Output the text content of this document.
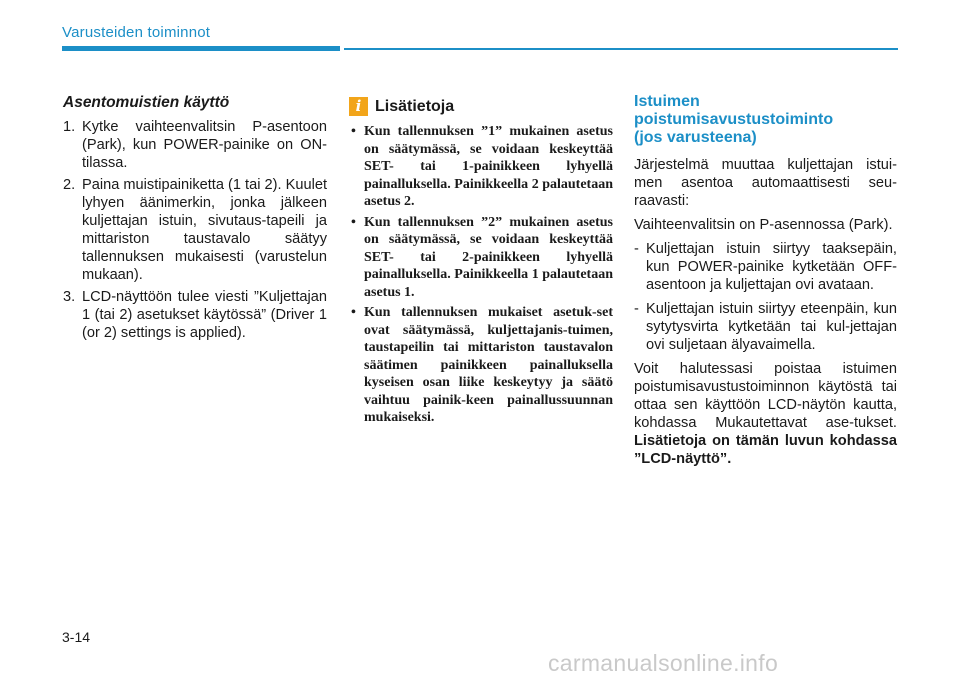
Varusteiden toiminnot
Asentomuistien käyttö
1. Kytke vaihteenvalitsin P-asentoon (Park), kun POWER-painike on ON-tilassa.
2. Paina muistipainiketta (1 tai 2). Kuulet lyhyen äänimerkin, jonka jälkeen kuljettajan istuin, sivutaus-tapeili ja mittariston taustavalo säätyy tallennuksen mukaisesti (varustelun mukaan).
3. LCD-näyttöön tulee viesti ”Kuljettajan 1 (tai 2) asetukset käytössä” (Driver 1 (or 2) settings is applied).
i Lisätietoja
• Kun tallennuksen ”1” mukainen asetus on säätymässä, se voidaan keskeyttää SET- tai 1-painikkeen lyhyellä painalluksella. Painikkeella 2 palautetaan asetus 2.
• Kun tallennuksen ”2” mukainen asetus on säätymässä, se voidaan keskeyttää SET- tai 2-painikkeen lyhyellä painalluksella. Painikkeella 1 palautetaan asetus 1.
• Kun tallennuksen mukaiset asetuk-set ovat säätymässä, kuljettajanis-tuimen, taustapeilin tai mittariston taustavalon säätimen painikkeen painalluksella kyseisen osan liike keskeytyy ja säätö vaihtuu painik-keen painallussuunnan mukaiseksi.
Istuimen
poistumisavustustoiminto
(jos varusteena)
Järjestelmä muuttaa kuljettajan istui-men asentoa automaattisesti seu-raavasti:
Vaihteenvalitsin on P-asennossa (Park).
- Kuljettajan istuin siirtyy taaksepäin, kun POWER-painike kytketään OFF-asentoon ja kuljettajan ovi avataan.
- Kuljettajan istuin siirtyy eteenpäin, kun sytytysvirta kytketään tai kul-jettajan ovi suljetaan älyavaimella.
Voit halutessasi poistaa istuimen poistumisavustustoiminnon käytöstä tai ottaa sen käyttöön LCD-näytön kautta, kohdassa Mukautettavat ase-tukset. Lisätietoja on tämän luvun kohdassa ”LCD-näyttö”.
3-14
carmanualsonline.info
